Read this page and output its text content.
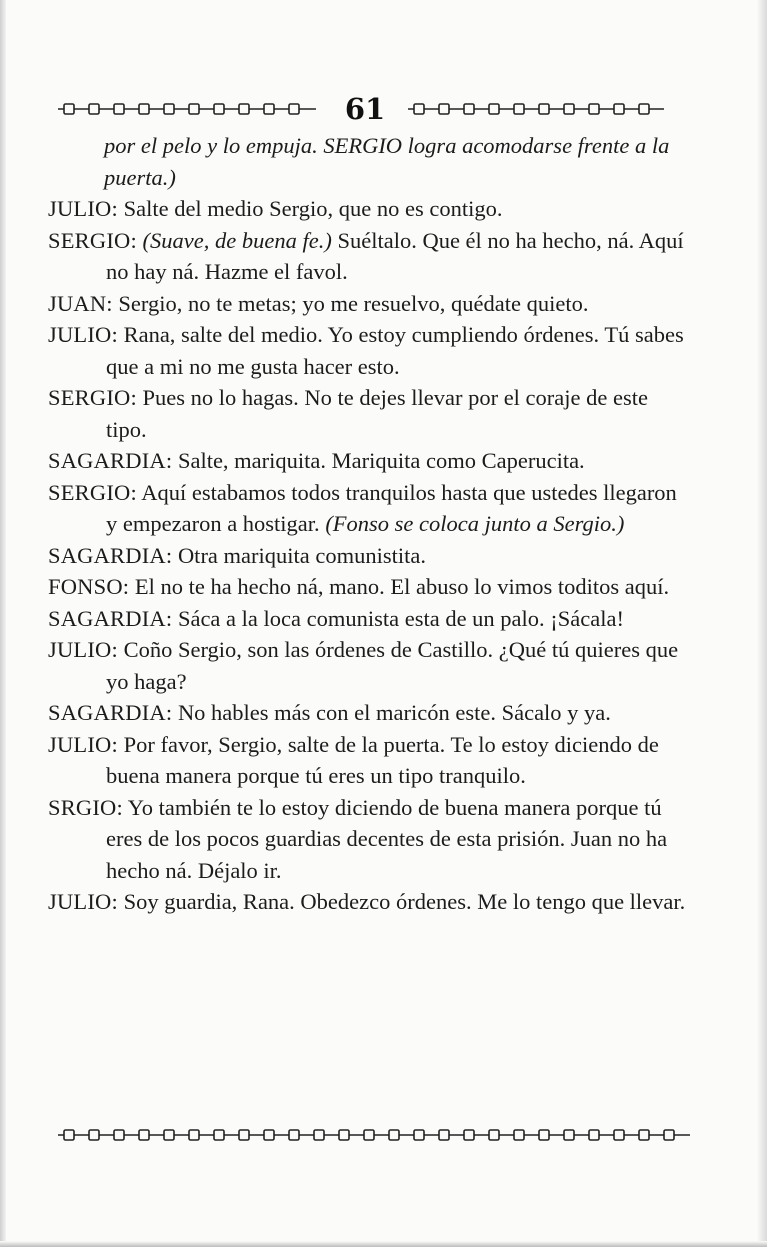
61

por el pelo y lo empuja. SERGIO logra acomodarse frente a la puerta.)

JULIO: Salte del medio Sergio, que no es contigo.

SERGIO: (Suave, de buena fe.) Suéltalo. Que él no ha hecho, ná. Aquí no hay ná. Hazme el favol.

JUAN: Sergio, no te metas; yo me resuelvo, quédate quieto.

JULIO: Rana, salte del medio. Yo estoy cumpliendo órdenes. Tú sabes que a mi no me gusta hacer esto.

SERGIO: Pues no lo hagas. No te dejes llevar por el coraje de este tipo.

SAGARDIA: Salte, mariquita. Mariquita como Caperucita.

SERGIO: Aquí estabamos todos tranquilos hasta que ustedes llegaron y empezaron a hostigar. (Fonso se coloca junto a Sergio.)

SAGARDIA: Otra mariquita comunistita.

FONSO: El no te ha hecho ná, mano. El abuso lo vimos toditos aquí.

SAGARDIA: Sáca a la loca comunista esta de un palo. ¡Sácala!

JULIO: Coño Sergio, son las órdenes de Castillo. ¿Qué tú quieres que yo haga?

SAGARDIA: No hables más con el maricón este. Sácalo y ya.

JULIO: Por favor, Sergio, salte de la puerta. Te lo estoy diciendo de buena manera porque tú eres un tipo tranquilo.

SRGIO: Yo también te lo estoy diciendo de buena manera porque tú eres de los pocos guardias decentes de esta prisión. Juan no ha hecho ná. Déjalo ir.

JULIO: Soy guardia, Rana. Obedezco órdenes. Me lo tengo que llevar.
